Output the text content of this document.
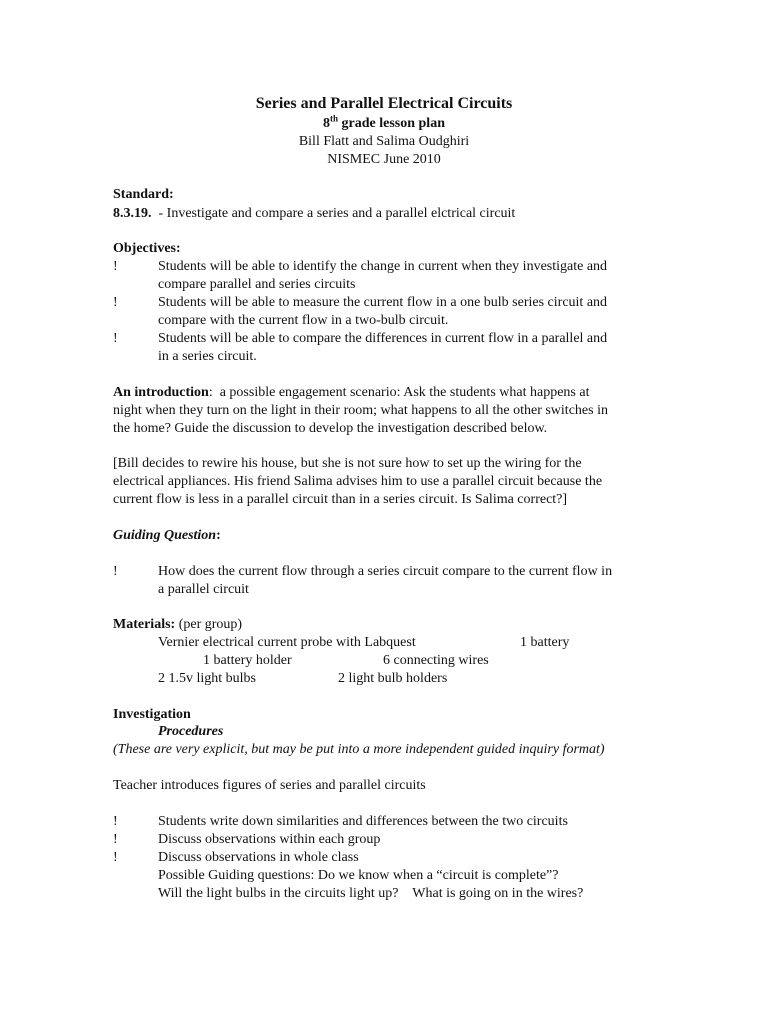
Series and Parallel Electrical Circuits
8th grade lesson plan
Bill Flatt and Salima Oudghiri
NISMEC June 2010
Standard:
8.3.19.  - Investigate and compare a series and a parallel elctrical circuit
Objectives:
!	Students will be able to identify the change in current when they investigate and
compare parallel and series circuits
!	Students will be able to measure the current flow in a one bulb series circuit and
compare with the current flow in a two-bulb circuit.
!	Students will be able to compare the differences in current flow in a parallel and
in a series circuit.
An introduction:  a possible engagement scenario: Ask the students what happens at
night when they turn on the light in their room; what happens to all the other switches in
the home? Guide the discussion to develop the investigation described below.
[Bill decides to rewire his house, but she is not sure how to set up the wiring for the
electrical appliances. His friend Salima advises him to use a parallel circuit because the
current flow is less in a parallel circuit than in a series circuit. Is Salima correct?]
Guiding Question:
!	How does the current flow through a series circuit compare to the current flow in
a parallel circuit
Materials: (per group)
Vernier electrical current probe with Labquest	1 battery
1 battery holder	6 connecting wires
2 1.5v light bulbs	2 light bulb holders
Investigation
Procedures
(These are very explicit, but may be put into a more independent guided inquiry format)
Teacher introduces figures of series and parallel circuits
!
!
!
Students write down similarities and differences between the two circuits
Discuss observations within each group
Discuss observations in whole class
Possible Guiding questions: Do we know when a “circuit is complete”?
Will the light bulbs in the circuits light up?    What is going on in the wires?
